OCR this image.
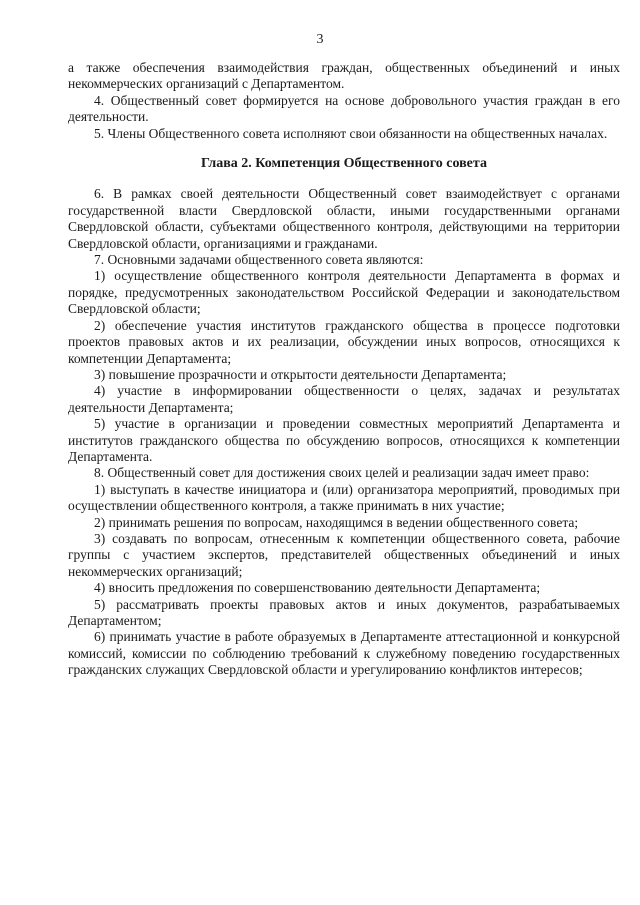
3

а также обеспечения взаимодействия граждан, общественных объединений и иных некоммерческих организаций с Департаментом.

4. Общественный совет формируется на основе добровольного участия граждан в его деятельности.

5. Члены Общественного совета исполняют свои обязанности на общественных началах.

Глава 2. Компетенция Общественного совета

6. В рамках своей деятельности Общественный совет взаимодействует с органами государственной власти Свердловской области, иными государственными органами Свердловской области, субъектами общественного контроля, действующими на территории Свердловской области, организациями и гражданами.

7. Основными задачами общественного совета являются:

1) осуществление общественного контроля деятельности Департамента в формах и порядке, предусмотренных законодательством Российской Федерации и законодательством Свердловской области;

2) обеспечение участия институтов гражданского общества в процессе подготовки проектов правовых актов и их реализации, обсуждении иных вопросов, относящихся к компетенции Департамента;

3) повышение прозрачности и открытости деятельности Департамента;

4) участие в информировании общественности о целях, задачах и результатах деятельности Департамента;

5) участие в организации и проведении совместных мероприятий Департамента и институтов гражданского общества по обсуждению вопросов, относящихся к компетенции Департамента.

8. Общественный совет для достижения своих целей и реализации задач имеет право:

1) выступать в качестве инициатора и (или) организатора мероприятий, проводимых при осуществлении общественного контроля, а также принимать в них участие;

2) принимать решения по вопросам, находящимся в ведении общественного совета;

3) создавать по вопросам, отнесенным к компетенции общественного совета, рабочие группы с участием экспертов, представителей общественных объединений и иных некоммерческих организаций;

4) вносить предложения по совершенствованию деятельности Департамента;

5) рассматривать проекты правовых актов и иных документов, разрабатываемых Департаментом;

6) принимать участие в работе образуемых в Департаменте аттестационной и конкурсной комиссий, комиссии по соблюдению требований к служебному поведению государственных гражданских служащих Свердловской области и урегулированию конфликтов интересов;
